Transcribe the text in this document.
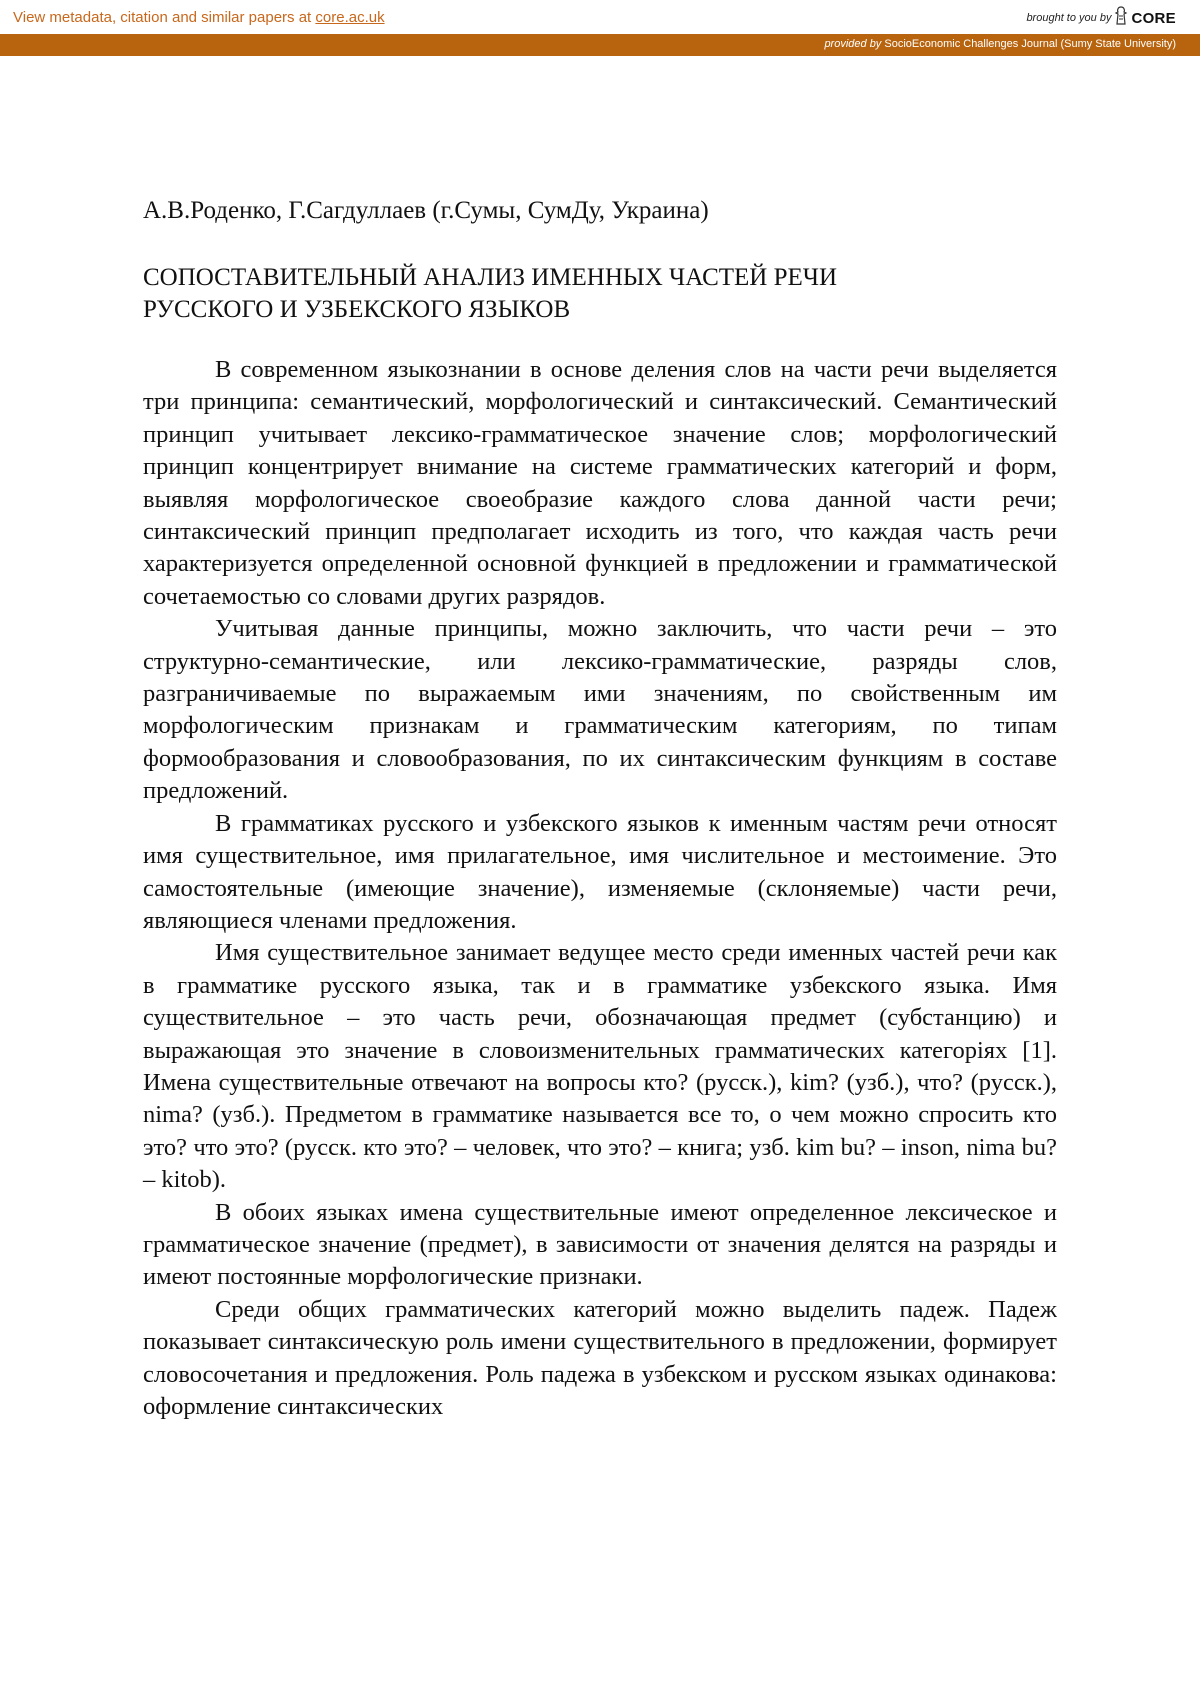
View metadata, citation and similar papers at core.ac.uk	brought to you by CORE
provided by SocioEconomic Challenges Journal (Sumy State University)
А.В.Роденко, Г.Сагдуллаев (г.Сумы, СумДу, Украина)
СОПОСТАВИТЕЛЬНЫЙ АНАЛИЗ ИМЕННЫХ ЧАСТЕЙ РЕЧИ
РУССКОГО И УЗБЕКСКОГО ЯЗЫКОВ

В современном языкознании в основе деления слов на части речи выделяется три принципа: семантический, морфологический и синтаксический. Семантический принцип учитывает лексико-грамматическое значение слов; морфологический принцип концентрирует внимание на системе грамматических категорий и форм, выявляя морфологическое своеобразие каждого слова данной части речи; синтаксический принцип предполагает исходить из того, что каждая часть речи характеризуется определенной основной функцией в предложении и грамматической сочетаемостью со словами других разрядов.

Учитывая данные принципы, можно заключить, что части речи – это структурно-семантические, или лексико-грамматические, разряды слов, разграничиваемые по выражаемым ими значениям, по свойственным им морфологическим признакам и грамматическим категориям, по типам формообразования и словообразования, по их синтаксическим функциям в составе предложений.

В грамматиках русского и узбекского языков к именным частям речи относят имя существительное, имя прилагательное, имя числительное и местоимение. Это самостоятельные (имеющие значение), изменяемые (склоняемые) части речи, являющиеся членами предложения.

Имя существительное занимает ведущее место среди именных частей речи как в грамматике русского языка, так и в грамматике узбекского языка. Имя существительное – это часть речи, обозначающая предмет (субстанцию) и выражающая это значение в словоизменительных грамматических категоріях [1]. Имена существительные отвечают на вопросы кто? (русск.), kim? (узб.), что? (русск.), nima? (узб.). Предметом в грамматике называется все то, о чем можно спросить кто это? что это? (русск. кто это? – человек, что это? – книга; узб. kim bu? – inson, nima bu? – kitob).

В обоих языках имена существительные имеют определенное лексическое и грамматическое значение (предмет), в зависимости от значения делятся на разряды и имеют постоянные морфологические признаки.

Среди общих грамматических категорий можно выделить падеж. Падеж показывает синтаксическую роль имени существительного в предложении, формирует словосочетания и предложения. Роль падежа в узбекском и русском языках одинакова: оформление синтаксических
